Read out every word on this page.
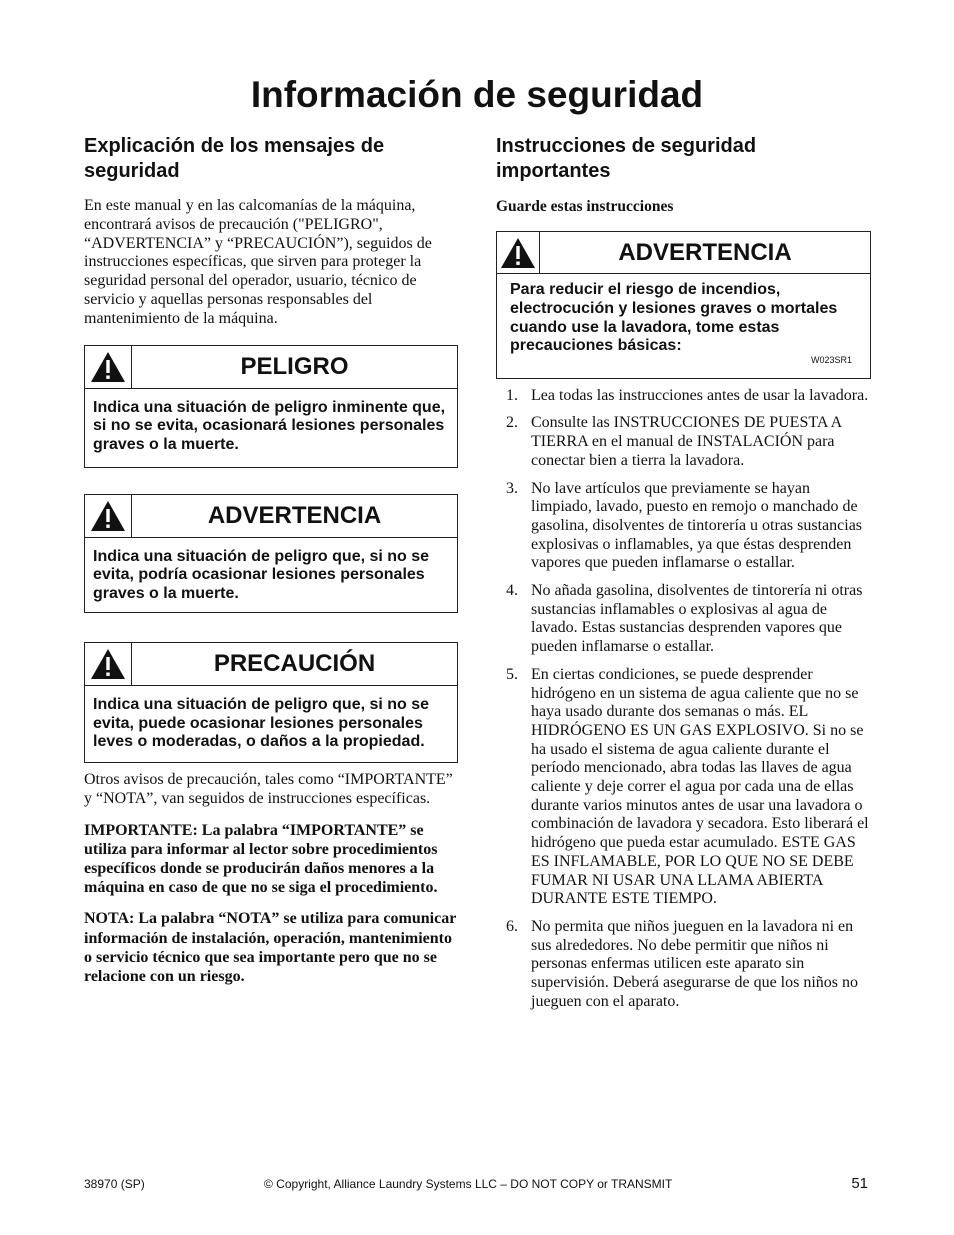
Información de seguridad
Explicación de los mensajes de seguridad

En este manual y en las calcomanías de la máquina, encontrará avisos de precaución ("PELIGRO", “ADVERTENCIA” y “PRECAUCIÓN”), seguidos de instrucciones específicas, que sirven para proteger la seguridad personal del operador, usuario, técnico de servicio y aquellas personas responsables del mantenimiento de la máquina.

PELIGRO
Indica una situación de peligro inminente que, si no se evita, ocasionará lesiones personales graves o la muerte.
ADVERTENCIA
Indica una situación de peligro que, si no se evita, podría ocasionar lesiones personales graves o la muerte.
PRECAUCIÓN
Indica una situación de peligro que, si no se evita, puede ocasionar lesiones personales leves o moderadas, o daños a la propiedad.

Otros avisos de precaución, tales como “IMPORTANTE” y “NOTA”, van seguidos de instrucciones específicas.

IMPORTANTE: La palabra “IMPORTANTE” se utiliza para informar al lector sobre procedimientos específicos donde se producirán daños menores a la máquina en caso de que no se siga el procedimiento.

NOTA: La palabra “NOTA” se utiliza para comunicar información de instalación, operación, mantenimiento o servicio técnico que sea importante pero que no se relacione con un riesgo.

Instrucciones de seguridad importantes

Guarde estas instrucciones

ADVERTENCIA
Para reducir el riesgo de incendios, electrocución y lesiones graves o mortales cuando use la lavadora, tome estas precauciones básicas:
W023SR1
1. Lea todas las instrucciones antes de usar la lavadora.
2. Consulte las INSTRUCCIONES DE PUESTA A TIERRA en el manual de INSTALACIÓN para conectar bien a tierra la lavadora.
3. No lave artículos que previamente se hayan limpiado, lavado, puesto en remojo o manchado de gasolina, disolventes de tintorería u otras sustancias explosivas o inflamables, ya que éstas desprenden vapores que pueden inflamarse o estallar.
4. No añada gasolina, disolventes de tintorería ni otras sustancias inflamables o explosivas al agua de lavado. Estas sustancias desprenden vapores que pueden inflamarse o estallar.
5. En ciertas condiciones, se puede desprender hidrógeno en un sistema de agua caliente que no se haya usado durante dos semanas o más. EL HIDRÓGENO ES UN GAS EXPLOSIVO. Si no se ha usado el sistema de agua caliente durante el período mencionado, abra todas las llaves de agua caliente y deje correr el agua por cada una de ellas durante varios minutos antes de usar una lavadora o combinación de lavadora y secadora. Esto liberará el hidrógeno que pueda estar acumulado. ESTE GAS ES INFLAMABLE, POR LO QUE NO SE DEBE FUMAR NI USAR UNA LLAMA ABIERTA DURANTE ESTE TIEMPO.
6. No permita que niños jueguen en la lavadora ni en sus alrededores. No debe permitir que niños ni personas enfermas utilicen este aparato sin supervisión. Deberá asegurarse de que los niños no jueguen con el aparato.
38970 (SP)	© Copyright, Alliance Laundry Systems LLC – DO NOT COPY or TRANSMIT	51
